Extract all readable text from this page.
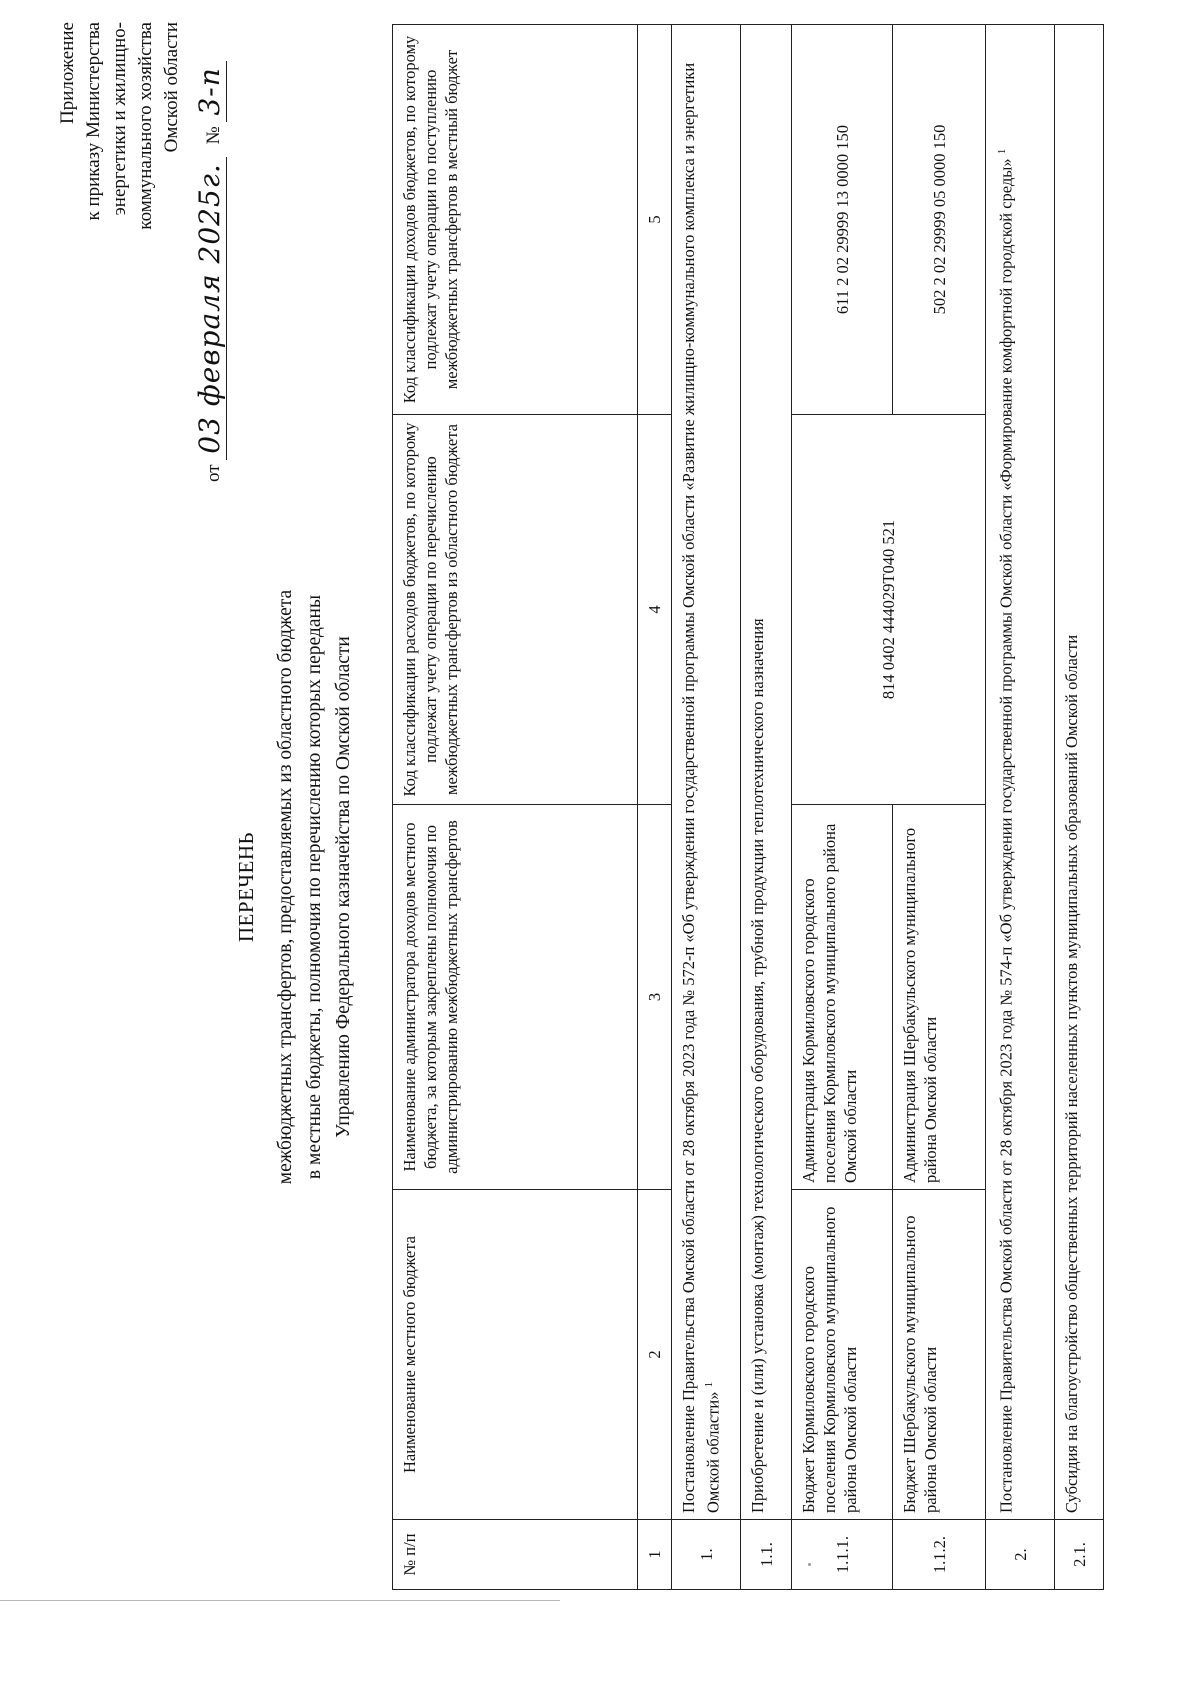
Приложение к приказу Министерства энергетики и жилищно- коммунального хозяйства Омской области
от 03 февраля 2025г. № 3-п
ПЕРЕЧЕНЬ межбюджетных трансфертов, предоставляемых из областного бюджета в местные бюджеты, полномочия по перечислению которых переданы Управлению Федерального казначейства по Омской области
№ п/п	Наименование местного бюджета	Наименование администратора доходов местного бюджета, за которым закреплены полномочия по администрированию межбюджетных трансфертов	Код классификации расходов бюджетов, по которому подлежат учету операции по перечислению межбюджетных трансфертов из областного бюджета	Код классификации доходов бюджетов, по которому подлежат учету операции по поступлению межбюджетных трансфертов в местный бюджет
1	2	3	4	5
1.	Постановление Правительства Омской области от 28 октября 2023 года № 572-п «Об утверждении государственной программы Омской области «Развитие жилищно-коммунального комплекса и энергетики Омской области» $^1$
1.1.	Приобретение и (или) установка (монтаж) технологического оборудования, трубной продукции теплотехнического назначения			
1.1.1.	Бюджет Кормиловского городского поселения Кормиловского муниципального района Омской области	Администрация Кормиловского городского поселения Кормиловского муниципального района Омской области	814 0402 444029Т040 521	611 2 02 29999 13 0000 150
1.1.2.	Бюджет Шербакульского муниципального района Омской области	Администрация Шербакульского муниципального района Омской области		502 2 02 29999 05 0000 150
2.	Постановление Правительства Омской области от 28 октября 2023 года № 574-п «Об утверждении государственной программы Омской области «Формирование комфортной городской среды» $^1$
2.1.	Субсидия на благоустройство общественных территорий населенных пунктов муниципальных образований Омской области			
